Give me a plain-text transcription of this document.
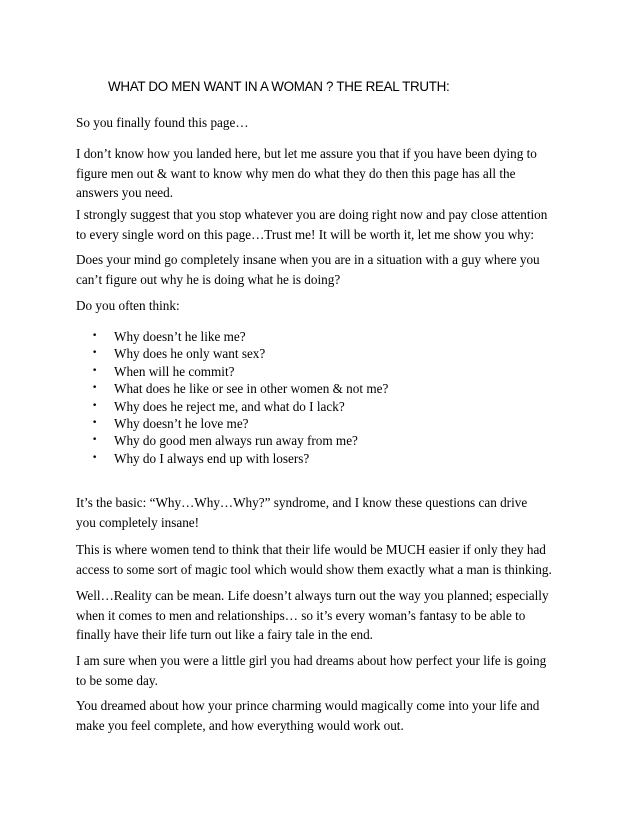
WHAT DO MEN WANT IN A WOMAN ? THE REAL TRUTH:

So you finally found this page…

I don’t know how you landed here, but let me assure you that if you have been dying to
figure men out & want to know why men do what they do then this page has all the
answers you need.

I strongly suggest that you stop whatever you are doing right now and pay close attention
to every single word on this page…Trust me! It will be worth it, let me show you why:

Does your mind go completely insane when you are in a situation with a guy where you
can’t figure out why he is doing what he is doing?

Do you often think:

• Why doesn’t he like me?
• Why does he only want sex?
• When will he commit?
• What does he like or see in other women & not me?
• Why does he reject me, and what do I lack?
• Why doesn’t he love me?
• Why do good men always run away from me?
• Why do I always end up with losers?

It’s the basic: “Why…Why…Why?” syndrome, and I know these questions can drive
you completely insane!

This is where women tend to think that their life would be MUCH easier if only they had
access to some sort of magic tool which would show them exactly what a man is thinking.

Well…Reality can be mean. Life doesn’t always turn out the way you planned; especially
when it comes to men and relationships… so it’s every woman’s fantasy to be able to
finally have their life turn out like a fairy tale in the end.

I am sure when you were a little girl you had dreams about how perfect your life is going
to be some day.

You dreamed about how your prince charming would magically come into your life and
make you feel complete, and how everything would work out.
